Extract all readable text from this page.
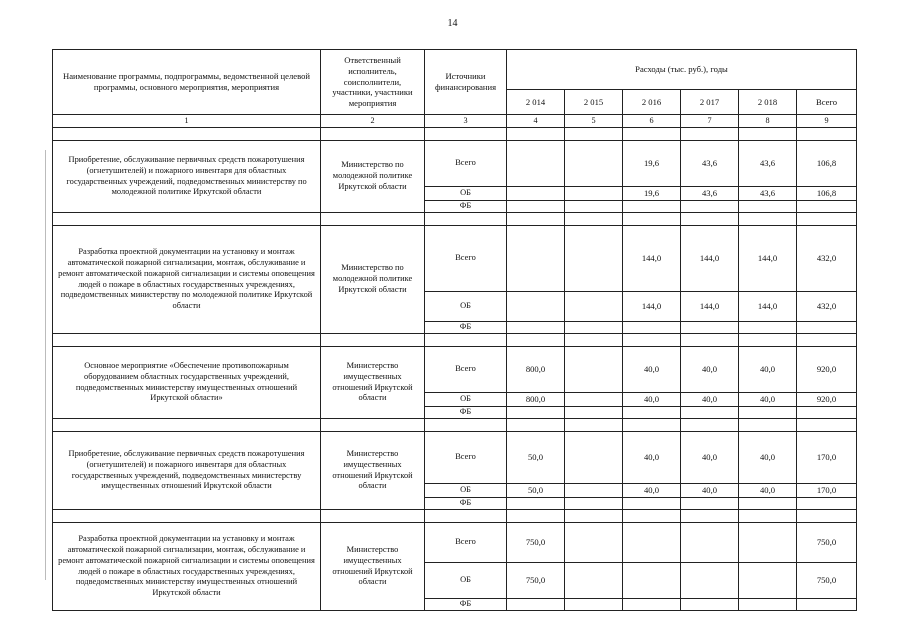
14
Наименование программы, подпрограммы, ведомственной целевой программы, основного мероприятия, мероприятия	Ответственный исполнитель, соисполнители, участники, участники мероприятия	Источники финансирования	Расходы (тыс. руб.), годы					
			2 014	2 015	2 016	2 017	2 018	Всего
1	2	3	4	5	6	7	8	9

Приобретение, обслуживание первичных средств пожаротушения (огнетушителей) и пожарного инвентаря для областных государственных учреждений, подведомственных министерству по молодежной политике Иркутской области	Министерство по молодежной политике Иркутской области	Всего			19,6	43,6	43,6	106,8
		ОБ			19,6	43,6	43,6	106,8
		ФБ						

Разработка проектной документации на установку и монтаж автоматической пожарной сигнализации, монтаж, обслуживание и ремонт автоматической пожарной сигнализации и системы оповещения людей о пожаре в областных государственных учреждениях, подведомственных министерству по молодежной политике Иркутской области	Министерство по молодежной политике Иркутской области	Всего			144,0	144,0	144,0	432,0
		ОБ			144,0	144,0	144,0	432,0
		ФБ						

Основное мероприятие «Обеспечение противопожарным оборудованием областных государственных учреждений, подведомственных министерству имущественных отношений Иркутской области»	Министерство имущественных отношений Иркутской области	Всего	800,0		40,0	40,0	40,0	920,0
		ОБ	800,0		40,0	40,0	40,0	920,0
		ФБ						

Приобретение, обслуживание первичных средств пожаротушения (огнетушителей) и пожарного инвентаря для областных государственных учреждений, подведомственных министерству имущественных отношений Иркутской области	Министерство имущественных отношений Иркутской области	Всего	50,0		40,0	40,0	40,0	170,0
		ОБ	50,0		40,0	40,0	40,0	170,0
		ФБ						

Разработка проектной документации на установку и монтаж автоматической пожарной сигнализации, монтаж, обслуживание и ремонт автоматической пожарной сигнализации и системы оповещения людей о пожаре в областных государственных учреждениях, подведомственных министерству имущественных отношений Иркутской области	Министерство имущественных отношений Иркутской области	Всего	750,0					750,0
		ОБ	750,0					750,0
		ФБ						
